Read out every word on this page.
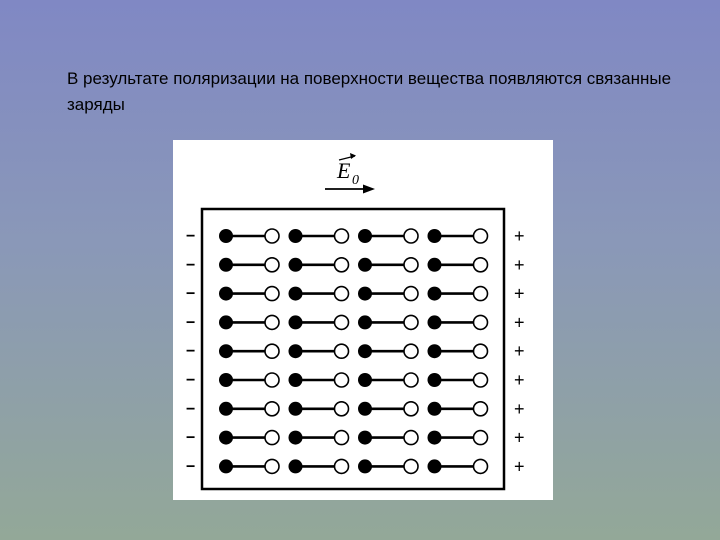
В результате поляризации на поверхности вещества появляются связанные заряды

E 0
−
−
−
−
−
−
−
−
−
+
+
+
+
+
+
+
+
+
